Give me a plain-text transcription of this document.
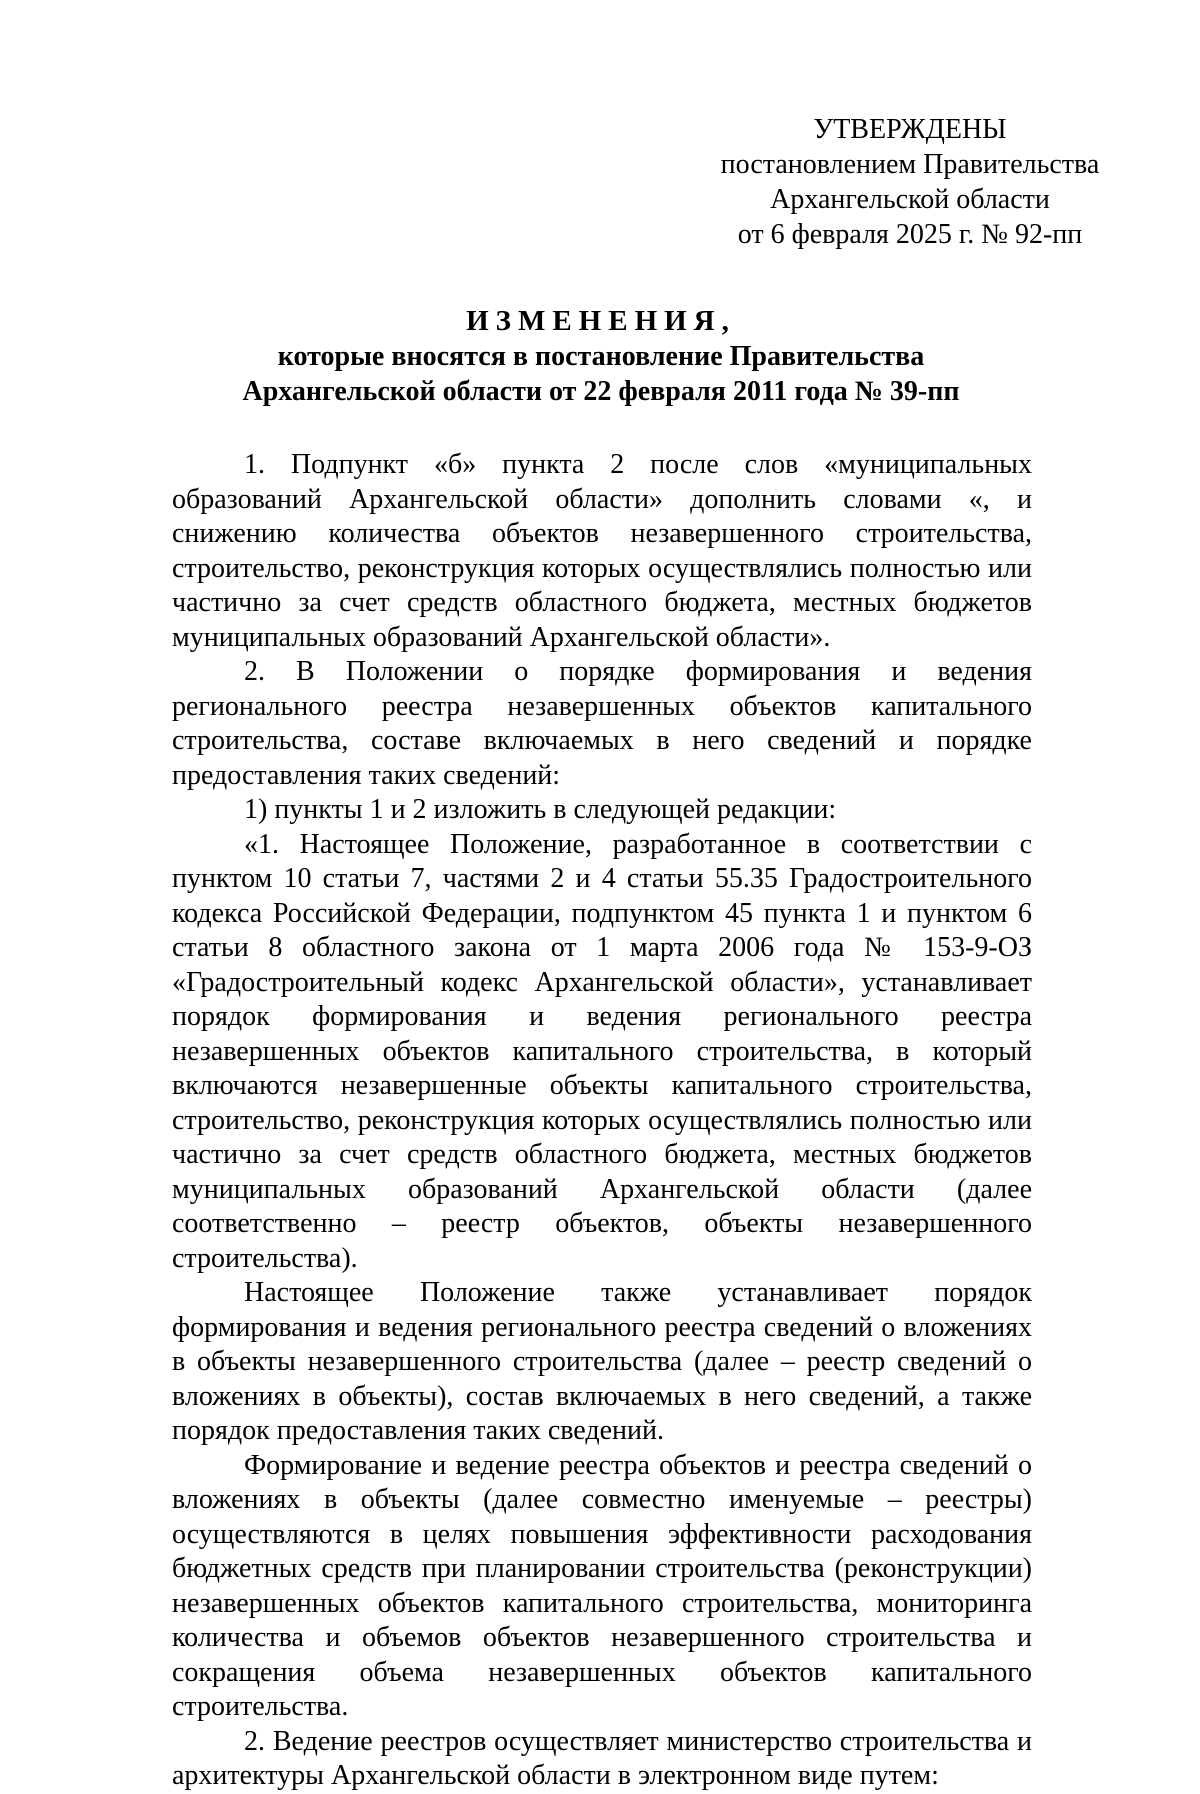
УТВЕРЖДЕНЫ
постановлением Правительства
Архангельской области
от 6 февраля 2025 г. № 92-пп
ИЗМЕНЕНИЯ,
которые вносятся в постановление Правительства
Архангельской области от 22 февраля 2011 года № 39-пп

1. Подпункт «б» пункта 2 после слов «муниципальных образований Архангельской области» дополнить словами «, и снижению количества объектов незавершенного строительства, строительство, реконструкция которых осуществлялись полностью или частично за счет средств областного бюджета, местных бюджетов муниципальных образований Архангельской области».

2. В Положении о порядке формирования и ведения регионального реестра незавершенных объектов капитального строительства, составе включаемых в него сведений и порядке предоставления таких сведений:

1) пункты 1 и 2 изложить в следующей редакции:

«1. Настоящее Положение, разработанное в соответствии с пунктом 10 статьи 7, частями 2 и 4 статьи 55.35 Градостроительного кодекса Российской Федерации, подпунктом 45 пункта 1 и пунктом 6 статьи 8 областного закона от 1 марта 2006 года № 153-9-ОЗ «Градостроительный кодекс Архангельской области», устанавливает порядок формирования и ведения регионального реестра незавершенных объектов капитального строительства, в который включаются незавершенные объекты капитального строительства, строительство, реконструкция которых осуществлялись полностью или частично за счет средств областного бюджета, местных бюджетов муниципальных образований Архангельской области (далее соответственно – реестр объектов, объекты незавершенного строительства).

Настоящее Положение также устанавливает порядок формирования и ведения регионального реестра сведений о вложениях в объекты незавершенного строительства (далее – реестр сведений о вложениях в объекты), состав включаемых в него сведений, а также порядок предоставления таких сведений.

Формирование и ведение реестра объектов и реестра сведений о вложениях в объекты (далее совместно именуемые – реестры) осуществляются в целях повышения эффективности расходования бюджетных средств при планировании строительства (реконструкции) незавершенных объектов капитального строительства, мониторинга количества и объемов объектов незавершенного строительства и сокращения объема незавершенных объектов капитального строительства.

2. Ведение реестров осуществляет министерство строительства и архитектуры Архангельской области в электронном виде путем:
